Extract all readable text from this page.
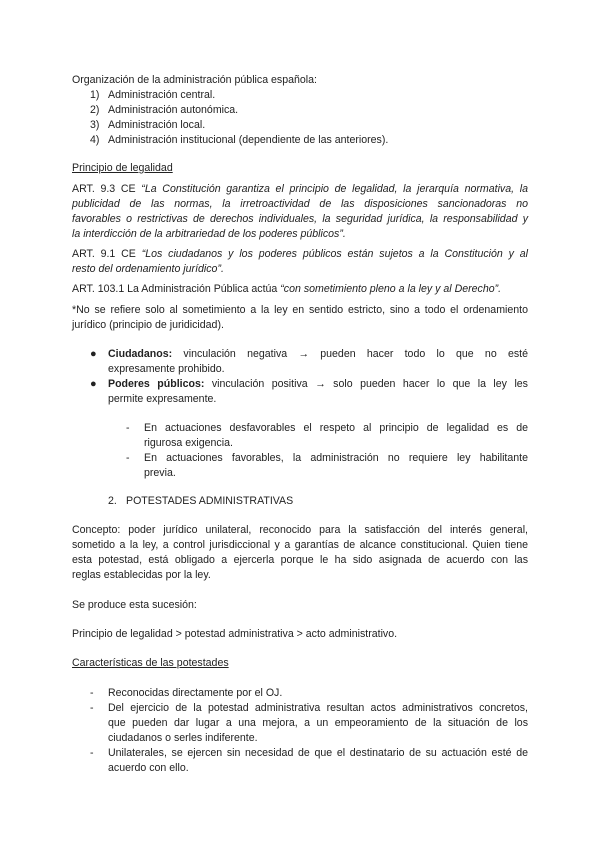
Organización de la administración pública española:
1) Administración central.
2) Administración autonómica.
3) Administración local.
4) Administración institucional (dependiente de las anteriores).
Principio de legalidad
ART. 9.3 CE “La Constitución garantiza el principio de legalidad, la jerarquía normativa, la
publicidad de las normas, la irretroactividad de las disposiciones sancionadoras no
favorables o restrictivas de derechos individuales, la seguridad jurídica, la responsabilidad y
la interdicción de la arbitrariedad de los poderes públicos”.
ART. 9.1 CE “Los ciudadanos y los poderes públicos están sujetos a la Constitución y al
resto del ordenamiento jurídico”.
ART. 103.1 La Administración Pública actúa “con sometimiento pleno a la ley y al Derecho”.
*No se refiere solo al sometimiento a la ley en sentido estricto, sino a todo el ordenamiento
jurídico (principio de juridicidad).
● Ciudadanos: vinculación negativa → pueden hacer todo lo que no esté
expresamente prohibido.
● Poderes públicos: vinculación positiva → solo pueden hacer lo que la ley les
permite expresamente.
- En actuaciones desfavorables el respeto al principio de legalidad es de
rigurosa exigencia.
- En actuaciones favorables, la administración no requiere ley habilitante
previa.
2. POTESTADES ADMINISTRATIVAS
Concepto: poder jurídico unilateral, reconocido para la satisfacción del interés general,
sometido a la ley, a control jurisdiccional y a garantías de alcance constitucional. Quien tiene
esta potestad, está obligado a ejercerla porque le ha sido asignada de acuerdo con las
reglas establecidas por la ley.
Se produce esta sucesión:
Principio de legalidad > potestad administrativa > acto administrativo.
Características de las potestades
- Reconocidas directamente por el OJ.
- Del ejercicio de la potestad administrativa resultan actos administrativos concretos,
que pueden dar lugar a una mejora, a un empeoramiento de la situación de los
ciudadanos o serles indiferente.
- Unilaterales, se ejercen sin necesidad de que el destinatario de su actuación esté de
acuerdo con ello.
